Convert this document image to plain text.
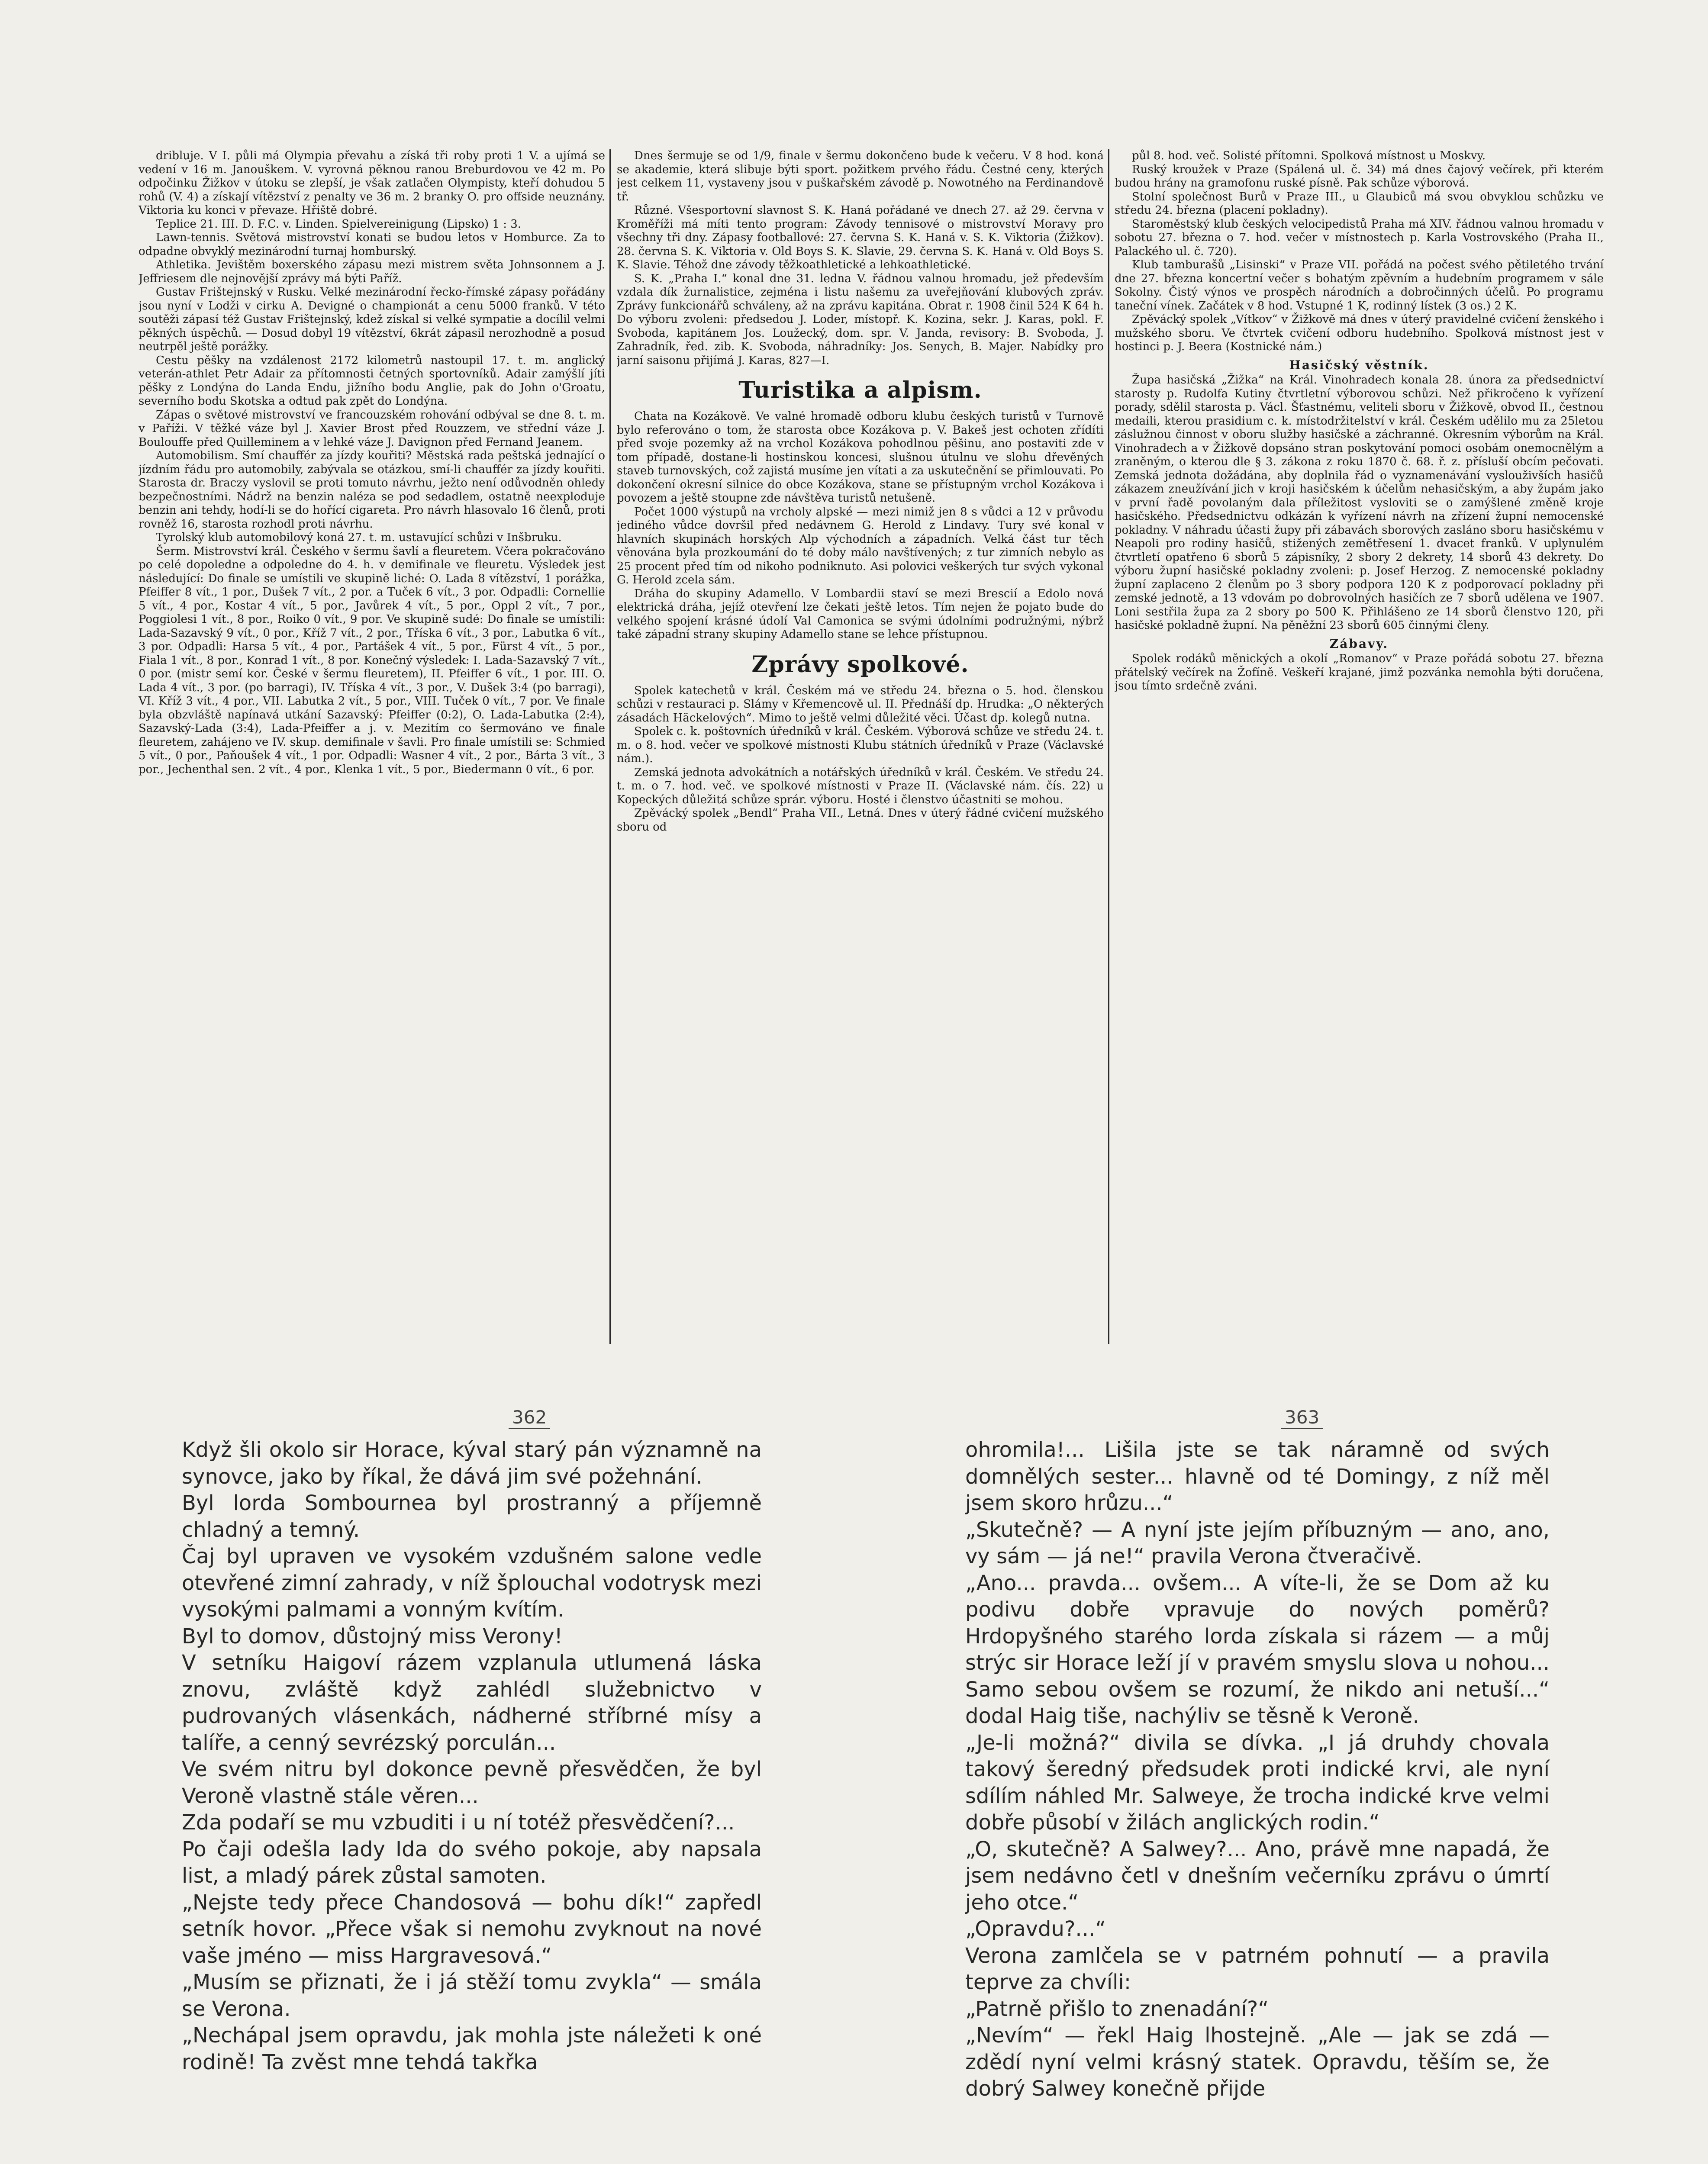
dribluje. V I. půli má Olympia převahu a získá tři roby proti 1 V. a ujímá se vedení v 16 m. Janouškem. V. vyrovná pěknou ranou Breburdovou ve 42 m. Po odpočinku Žižkov v útoku se zlepší, je však zatlačen Olympisty, kteří dohudou 5 rohů (V. 4) a získají vítězství z penalty ve 36 m. 2 branky O. pro offside neuznány. Viktoria ku konci v převaze. Hřiště dobré.

Teplice 21. III. D. F.C. v. Linden. Spielvereinigung (Lipsko) 1 : 3.

Lawn-tennis. Světová mistrovství konati se budou letos v Homburce. Za to odpadne obvyklý mezinárodní turnaj homburský.

Athletika. Jevištěm boxerského zápasu mezi mistrem světa Johnsonnem a J. Jeffriesem dle nejnovější zprávy má býti Paříž.

Gustav Frištejnský v Rusku. Velké mezinárodní řecko-římské zápasy pořádány jsou nyní v Lodži v cirku A. Devigné o championát a cenu 5000 franků. V této soutěži zápasí též Gustav Frištejnský, kdež získal si velké sympatie a docílil velmi pěkných úspěchů. — Dosud dobyl 19 vítězství, 6krát zápasil nerozhodně a posud neutrpěl ještě porážky.

Cestu pěšky na vzdálenost 2172 kilometrů nastoupil 17. t. m. anglický veterán-athlet Petr Adair za přítomnosti četných sportovníků. Adair zamýšlí jíti pěšky z Londýna do Landa Endu, jižního bodu Anglie, pak do John o'Groatu, severního bodu Skotska a odtud pak zpět do Londýna.

Zápas o světové mistrovství ve francouzském rohování odbýval se dne 8. t. m. v Paříži. V těžké váze byl J. Xavier Brost před Rouzzem, ve střední váze J. Boulouffe před Quilleminem a v lehké váze J. Davignon před Fernand Jeanem.

Automobilism. Smí chauffér za jízdy kouřiti? Městská rada peštská jednající o jízdním řádu pro automobily, zabývala se otázkou, smí-li chauffér za jízdy kouřiti. Starosta dr. Braczy vyslovil se proti tomuto návrhu, ježto není odůvodněn ohledy bezpečnostními. Nádrž na benzin naléza se pod sedadlem, ostatně neexploduje benzin ani tehdy, hodí-li se do hořící cigareta. Pro návrh hlasovalo 16 členů, proti rovněž 16, starosta rozhodl proti návrhu.

Tyrolský klub automobilový koná 27. t. m. ustavující schůzi v Inšbruku.

Šerm. Mistrovství král. Českého v šermu šavlí a fleuretem. Včera pokračováno po celé dopoledne a odpoledne do 4. h. v demifinale ve fleuretu. Výsledek jest následující: Do finale se umístili ve skupině liché: O. Lada 8 vítězství, 1 porážka, Pfeiffer 8 vít., 1 por., Dušek 7 vít., 2 por. a Tuček 6 vít., 3 por. Odpadli: Cornellie 5 vít., 4 por., Kostar 4 vít., 5 por., Javůrek 4 vít., 5 por., Oppl 2 vít., 7 por., Poggiolesi 1 vít., 8 por., Roiko 0 vít., 9 por. Ve skupině sudé: Do finale se umístili: Lada-Sazavský 9 vít., 0 por., Kříž 7 vít., 2 por., Tříska 6 vít., 3 por., Labutka 6 vít., 3 por. Odpadli: Harsa 5 vít., 4 por., Partášek 4 vít., 5 por., Fürst 4 vít., 5 por., Fiala 1 vít., 8 por., Konrad 1 vít., 8 por. Konečný výsledek: I. Lada-Sazavský 7 vít., 0 por. (mistr semí kor. České v šermu fleuretem), II. Pfeiffer 6 vít., 1 por. III. O. Lada 4 vít., 3 por. (po barragi), IV. Tříska 4 vít., 3 por., V. Dušek 3:4 (po barragi), VI. Kříž 3 vít., 4 por., VII. Labutka 2 vít., 5 por., VIII. Tuček 0 vít., 7 por. Ve finale byla obzvláště napínavá utkání Sazavský: Pfeiffer (0:2), O. Lada-Labutka (2:4), Sazavský-Lada (3:4), Lada-Pfeiffer a j. v. Mezitím co šermováno ve finale fleuretem, zahájeno ve IV. skup. demifinale v šavli. Pro finale umístili se: Schmied 5 vít., 0 por., Paňoušek 4 vít., 1 por. Odpadli: Wasner 4 vít., 2 por., Bárta 3 vít., 3 por., Jechenthal sen. 2 vít., 4 por., Klenka 1 vít., 5 por., Biedermann 0 vít., 6 por.

Dnes šermuje se od 1/9, finale v šermu dokončeno bude k večeru. V 8 hod. koná se akademie, která slibuje býti sport. požitkem prvého řádu. Čestné ceny, kterých jest celkem 11, vystaveny jsou v puškařském závodě p. Nowotného na Ferdinandově tř.

Různé. Všesportovní slavnost S. K. Haná pořádané ve dnech 27. až 29. června v Kroměříži má míti tento program: Závody tennisové o mistrovství Moravy pro všechny tři dny. Zápasy footballové: 27. června S. K. Haná v. S. K. Viktoria (Žižkov). 28. června S. K. Viktoria v. Old Boys S. K. Slavie, 29. června S. K. Haná v. Old Boys S. K. Slavie. Téhož dne závody těžkoathletické a lehkoathletické.

S. K. „Praha I.“ konal dne 31. ledna V. řádnou valnou hromadu, jež především vzdala dík žurnalistice, zejména i listu našemu za uveřejňování klubových zpráv. Zprávy funkcionářů schváleny, až na zprávu kapitána. Obrat r. 1908 činil 524 K 64 h. Do výboru zvoleni: předsedou J. Loder, místopř. K. Kozina, sekr. J. Karas, pokl. F. Svoboda, kapitánem Jos. Loužecký, dom. spr. V. Janda, revisory: B. Svoboda, J. Zahradník, řed. zib. K. Svoboda, náhradníky: Jos. Senych, B. Majer. Nabídky pro jarní saisonu přijímá J. Karas, 827—I.

Turistika a alpism.

Chata na Kozákově. Ve valné hromadě odboru klubu českých turistů v Turnově bylo referováno o tom, že starosta obce Kozákova p. V. Bakeš jest ochoten zřídíti před svoje pozemky až na vrchol Kozákova pohodlnou pěšinu, ano postaviti zde v tom případě, dostane-li hostinskou koncesi, slušnou útulnu ve slohu dřevěných staveb turnovských, což zajistá musíme jen vítati a za uskutečnění se přimlouvati. Po dokončení okresní silnice do obce Kozákova, stane se přístupným vrchol Kozákova i povozem a ještě stoupne zde návštěva turistů netušeně.

Počet 1000 výstupů na vrcholy alpské — mezi nimiž jen 8 s vůdci a 12 v průvodu jediného vůdce dovršil před nedávnem G. Herold z Lindavy. Tury své konal v hlavních skupinách horských Alp východních a západních. Velká část tur těch věnována byla prozkoumání do té doby málo navštívených; z tur zimních nebylo as 25 procent před tím od nikoho podniknuto. Asi polovici veškerých tur svých vykonal G. Herold zcela sám.

Dráha do skupiny Adamello. V Lombardii staví se mezi Brescií a Edolo nová elektrická dráha, jejíž otevření lze čekati ještě letos. Tím nejen že pojato bude do velkého spojení krásné údolí Val Camonica se svými údolními podružnými, nýbrž také západní strany skupiny Adamello stane se lehce přístupnou.

Zprávy spolkové.

Spolek katechetů v král. Českém má ve středu 24. března o 5. hod. členskou schůzi v restauraci p. Slámy v Křemencově ul. II. Přednáší dp. Hrudka: „O některých zásadách Häckelových“. Mimo to ještě velmi důležité věci. Účast dp. kolegů nutna.

Spolek c. k. poštovních úředníků v král. Českém. Výborová schůze ve středu 24. t. m. o 8. hod. večer ve spolkové místnosti Klubu státních úředníků v Praze (Václavské nám.).

Zemská jednota advokátních a notářských úředníků v král. Českém. Ve středu 24. t. m. o 7. hod. več. ve spolkové místnosti v Praze II. (Václavské nám. čís. 22) u Kopeckých důležitá schůze sprár. výboru. Hosté i členstvo účastniti se mohou.

Zpěvácký spolek „Bendl“ Praha VII., Letná. Dnes v úterý řádné cvičení mužského sboru od

půl 8. hod. več. Solisté přítomni. Spolková místnost u Moskvy.

Ruský kroužek v Praze (Spálená ul. č. 34) má dnes čajový večírek, při kterém budou hrány na gramofonu ruské písně. Pak schůze výborová.

Stolní společnost Burů v Praze III., u Glaubiců má svou obvyklou schůzku ve středu 24. března (placení pokladny).

Staroměstský klub českých velocipedistů Praha má XIV. řádnou valnou hromadu v sobotu 27. března o 7. hod. večer v místnostech p. Karla Vostrovského (Praha II., Palackého ul. č. 720).

Klub tamburašů „Lisinski“ v Praze VII. pořádá na počest svého pětiletého trvání dne 27. března koncertní večer s bohatým zpěvním a hudebním programem v sále Sokolny. Čistý výnos ve prospěch národních a dobročinných účelů. Po programu taneční vínek. Začátek v 8 hod. Vstupné 1 K, rodinný lístek (3 os.) 2 K.

Zpěvácký spolek „Vítkov“ v Žižkově má dnes v úterý pravidelné cvičení ženského i mužského sboru. Ve čtvrtek cvičení odboru hudebního. Spolková místnost jest v hostinci p. J. Beera (Kostnické nám.)

Hasičský věstník.

Župa hasičská „Žižka“ na Král. Vinohradech konala 28. února za předsednictví starosty p. Rudolfa Kutiny čtvrtletní výborovou schůzi. Než přikročeno k vyřízení porady, sdělil starosta p. Václ. Šťastnému, veliteli sboru v Žižkově, obvod II., čestnou medaili, kterou prasidium c. k. místodržitelství v král. Českém udělilo mu za 25letou záslužnou činnost v oboru služby hasičské a záchranné. Okresním výborům na Král. Vinohradech a v Žižkově dopsáno stran poskytování pomoci osobám onemocnělým a zraněným, o kterou dle § 3. zákona z roku 1870 č. 68. ř. z. přísluší obcím pečovati. Zemská jednota dožádána, aby doplnila řád o vyznamenávání vyslouživších hasičů zákazem zneužívání jich v kroji hasičském k účelům nehasičským, a aby župám jako v první řadě povolaným dala příležitost vysloviti se o zamýšlené změně kroje hasičského. Předsednictvu odkázán k vyřízení návrh na zřízení župní nemocenské pokladny. V náhradu účasti župy při zábavách sborových zasláno sboru hasičskému v Neapoli pro rodiny hasičů, stižených zemětřesení 1. dvacet franků. V uplynulém čtvrtletí opatřeno 6 sborů 5 zápisníky, 2 sbory 2 dekrety, 14 sborů 43 dekrety. Do výboru župní hasičské pokladny zvoleni: p. Josef Herzog. Z nemocenské pokladny župní zaplaceno 2 členům po 3 sbory podpora 120 K z podporovací pokladny při zemské jednotě, a 13 vdovám po dobrovolných hasičích ze 7 sborů udělena ve 1907. Loni sestřila župa za 2 sbory po 500 K. Přihlášeno ze 14 sborů členstvo 120, při hasičské pokladně župní. Na pěněžní 23 sborů 605 činnými členy.

Zábavy.

Spolek rodáků měnických a okolí „Romanov“ v Praze pořádá sobotu 27. března přátelský večírek na Žofíně. Veškeří krajané, jimž pozvánka nemohla býti doručena, jsou tímto srdečně zváni.

362	363

Když šli okolo sir Horace, kýval starý pán významně na synovce, jako by říkal, že dává jim své požehnání.

Byl lorda Sombournea byl prostranný a příjemně chladný a temný.

Čaj byl upraven ve vysokém vzdušném salone vedle otevřené zimní zahrady, v níž šplouchal vodotrysk mezi vysokými palmami a vonným kvítím.

Byl to domov, důstojný miss Verony!

V setníku Haigoví rázem vzplanula utlumená láska znovu, zvláště když zahlédl služebnictvo v pudrovaných vlásenkách, nádherné stříbrné mísy a talíře, a cenný sevrézský porculán...

Ve svém nitru byl dokonce pevně přesvědčen, že byl Veroně vlastně stále věren...

Zda podaří se mu vzbuditi i u ní totéž přesvědčení?...

Po čaji odešla lady Ida do svého pokoje, aby napsala list, a mladý párek zůstal samoten.

„Nejste tedy přece Chandosová — bohu dík!“ zapředl setník hovor. „Přece však si nemohu zvyknout na nové vaše jméno — miss Hargravesová.“

„Musím se přiznati, že i já stěží tomu zvykla“ — smála se Verona.

„Nechápal jsem opravdu, jak mohla jste náležeti k oné rodině! Ta zvěst mne tehdá takřka

ohromila!... Lišila jste se tak náramně od svých domnělých sester... hlavně od té Domingy, z níž měl jsem skoro hrůzu...“

„Skutečně? — A nyní jste jejím příbuzným — ano, ano, vy sám — já ne!“ pravila Verona čtveračivě.

„Ano... pravda... ovšem... A víte-li, že se Dom až ku podivu dobře vpravuje do nových poměrů? Hrdopyšného starého lorda získala si rázem — a můj strýc sir Horace leží jí v pravém smyslu slova u nohou... Samo sebou ovšem se rozumí, že nikdo ani netuší...“ dodal Haig tiše, nachýliv se těsně k Veroně.

„Je-li možná?“ divila se dívka. „I já druhdy chovala takový šeredný předsudek proti indické krvi, ale nyní sdílím náhled Mr. Salweye, že trocha indické krve velmi dobře působí v žilách anglických rodin.“

„O, skutečně? A Salwey?... Ano, právě mne napadá, že jsem nedávno četl v dnešním večerníku zprávu o úmrtí jeho otce.“

„Opravdu?...“

Verona zamlčela se v patrném pohnutí — a pravila teprve za chvíli:

„Patrně přišlo to znenadání?“

„Nevím“ — řekl Haig lhostejně. „Ale — jak se zdá — zdědí nyní velmi krásný statek. Opravdu, těším se, že dobrý Salwey konečně přijde
